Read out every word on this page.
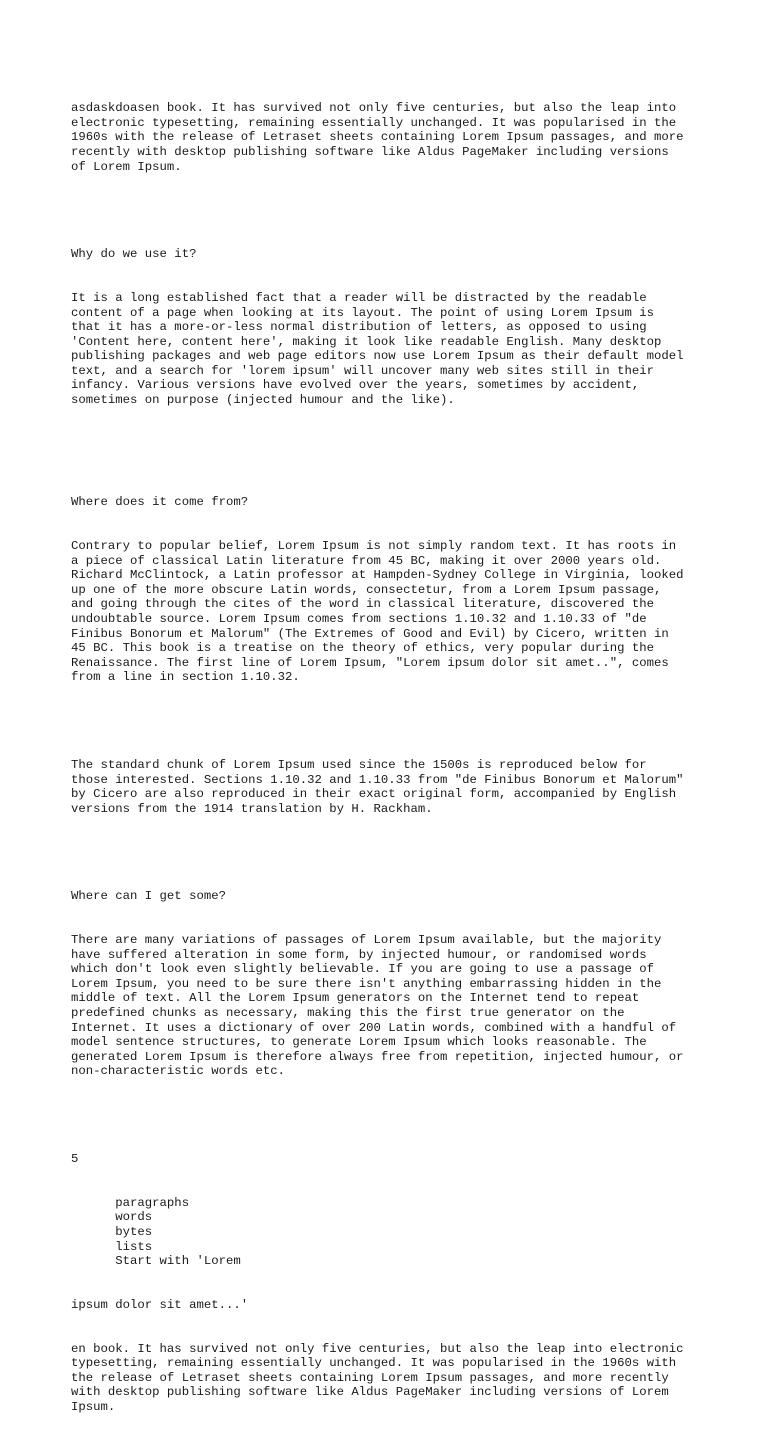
asdaskdoasen book. It has survived not only five centuries, but also the leap into
electronic typesetting, remaining essentially unchanged. It was popularised in the
1960s with the release of Letraset sheets containing Lorem Ipsum passages, and more
recently with desktop publishing software like Aldus PageMaker including versions
of Lorem Ipsum.

Why do we use it?

It is a long established fact that a reader will be distracted by the readable
content of a page when looking at its layout. The point of using Lorem Ipsum is
that it has a more-or-less normal distribution of letters, as opposed to using
'Content here, content here', making it look like readable English. Many desktop
publishing packages and web page editors now use Lorem Ipsum as their default model
text, and a search for 'lorem ipsum' will uncover many web sites still in their
infancy. Various versions have evolved over the years, sometimes by accident,
sometimes on purpose (injected humour and the like).

Where does it come from?

Contrary to popular belief, Lorem Ipsum is not simply random text. It has roots in
a piece of classical Latin literature from 45 BC, making it over 2000 years old.
Richard McClintock, a Latin professor at Hampden-Sydney College in Virginia, looked
up one of the more obscure Latin words, consectetur, from a Lorem Ipsum passage,
and going through the cites of the word in classical literature, discovered the
undoubtable source. Lorem Ipsum comes from sections 1.10.32 and 1.10.33 of "de
Finibus Bonorum et Malorum" (The Extremes of Good and Evil) by Cicero, written in
45 BC. This book is a treatise on the theory of ethics, very popular during the
Renaissance. The first line of Lorem Ipsum, "Lorem ipsum dolor sit amet..", comes
from a line in section 1.10.32.

The standard chunk of Lorem Ipsum used since the 1500s is reproduced below for
those interested. Sections 1.10.32 and 1.10.33 from "de Finibus Bonorum et Malorum"
by Cicero are also reproduced in their exact original form, accompanied by English
versions from the 1914 translation by H. Rackham.

Where can I get some?

There are many variations of passages of Lorem Ipsum available, but the majority
have suffered alteration in some form, by injected humour, or randomised words
which don't look even slightly believable. If you are going to use a passage of
Lorem Ipsum, you need to be sure there isn't anything embarrassing hidden in the
middle of text. All the Lorem Ipsum generators on the Internet tend to repeat
predefined chunks as necessary, making this the first true generator on the
Internet. It uses a dictionary of over 200 Latin words, combined with a handful of
model sentence structures, to generate Lorem Ipsum which looks reasonable. The
generated Lorem Ipsum is therefore always free from repetition, injected humour, or
non-characteristic words etc.

5

paragraphs
words
bytes
lists
Start with 'Lorem

ipsum dolor sit amet...'

en book. It has survived not only five centuries, but also the leap into electronic
typesetting, remaining essentially unchanged. It was popularised in the 1960s with
the release of Letraset sheets containing Lorem Ipsum passages, and more recently
with desktop publishing software like Aldus PageMaker including versions of Lorem
Ipsum.
